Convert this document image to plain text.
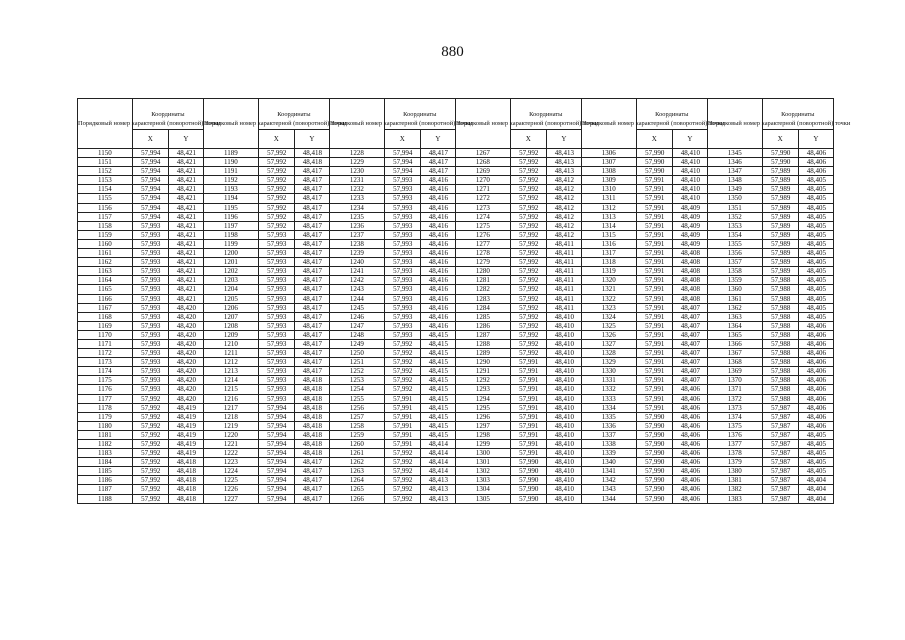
880
Порядковый номер характерной (поворотной) точки	Координаты		Порядковый номер характерной (поворотной) точки	Координаты		Порядковый номер характерной (поворотной) точки	Координаты		Порядковый номер характерной (поворотной) точки	Координаты		Порядковый номер характерной (поворотной) точки	Координаты		Порядковый номер характерной (поворотной) точки	Координаты	
	X	Y		X	Y		X	Y		X	Y		X	Y		X	Y
1150	57,994	48,421	1189	57,992	48,418	1228	57,994	48,417	1267	57,992	48,413	1306	57,990	48,410	1345	57,990	48,406
1151	57,994	48,421	1190	57,992	48,418	1229	57,994	48,417	1268	57,992	48,413	1307	57,990	48,410	1346	57,990	48,406
1152	57,994	48,421	1191	57,992	48,417	1230	57,994	48,417	1269	57,992	48,413	1308	57,990	48,410	1347	57,989	48,406
1153	57,994	48,421	1192	57,992	48,417	1231	57,993	48,416	1270	57,992	48,412	1309	57,991	48,410	1348	57,989	48,405
1154	57,994	48,421	1193	57,992	48,417	1232	57,993	48,416	1271	57,992	48,412	1310	57,991	48,410	1349	57,989	48,405
1155	57,994	48,421	1194	57,992	48,417	1233	57,993	48,416	1272	57,992	48,412	1311	57,991	48,410	1350	57,989	48,405
1156	57,994	48,421	1195	57,992	48,417	1234	57,993	48,416	1273	57,992	48,412	1312	57,991	48,409	1351	57,989	48,405
1157	57,994	48,421	1196	57,992	48,417	1235	57,993	48,416	1274	57,992	48,412	1313	57,991	48,409	1352	57,989	48,405
1158	57,993	48,421	1197	57,992	48,417	1236	57,993	48,416	1275	57,992	48,412	1314	57,991	48,409	1353	57,989	48,405
1159	57,993	48,421	1198	57,993	48,417	1237	57,993	48,416	1276	57,992	48,412	1315	57,991	48,409	1354	57,989	48,405
1160	57,993	48,421	1199	57,993	48,417	1238	57,993	48,416	1277	57,992	48,411	1316	57,991	48,409	1355	57,989	48,405
1161	57,993	48,421	1200	57,993	48,417	1239	57,993	48,416	1278	57,992	48,411	1317	57,991	48,408	1356	57,989	48,405
1162	57,993	48,421	1201	57,993	48,417	1240	57,993	48,416	1279	57,992	48,411	1318	57,991	48,408	1357	57,989	48,405
1163	57,993	48,421	1202	57,993	48,417	1241	57,993	48,416	1280	57,992	48,411	1319	57,991	48,408	1358	57,989	48,405
1164	57,993	48,421	1203	57,993	48,417	1242	57,993	48,416	1281	57,992	48,411	1320	57,991	48,408	1359	57,988	48,405
1165	57,993	48,421	1204	57,993	48,417	1243	57,993	48,416	1282	57,992	48,411	1321	57,991	48,408	1360	57,988	48,405
1166	57,993	48,421	1205	57,993	48,417	1244	57,993	48,416	1283	57,992	48,411	1322	57,991	48,408	1361	57,988	48,405
1167	57,993	48,420	1206	57,993	48,417	1245	57,993	48,416	1284	57,992	48,411	1323	57,991	48,407	1362	57,988	48,405
1168	57,993	48,420	1207	57,993	48,417	1246	57,993	48,416	1285	57,992	48,410	1324	57,991	48,407	1363	57,988	48,405
1169	57,993	48,420	1208	57,993	48,417	1247	57,993	48,416	1286	57,992	48,410	1325	57,991	48,407	1364	57,988	48,406
1170	57,993	48,420	1209	57,993	48,417	1248	57,993	48,415	1287	57,992	48,410	1326	57,991	48,407	1365	57,988	48,406
1171	57,993	48,420	1210	57,993	48,417	1249	57,992	48,415	1288	57,992	48,410	1327	57,991	48,407	1366	57,988	48,406
1172	57,993	48,420	1211	57,993	48,417	1250	57,992	48,415	1289	57,992	48,410	1328	57,991	48,407	1367	57,988	48,406
1173	57,993	48,420	1212	57,993	48,417	1251	57,992	48,415	1290	57,991	48,410	1329	57,991	48,407	1368	57,988	48,406
1174	57,993	48,420	1213	57,993	48,417	1252	57,992	48,415	1291	57,991	48,410	1330	57,991	48,407	1369	57,988	48,406
1175	57,993	48,420	1214	57,993	48,418	1253	57,992	48,415	1292	57,991	48,410	1331	57,991	48,407	1370	57,988	48,406
1176	57,993	48,420	1215	57,993	48,418	1254	57,992	48,415	1293	57,991	48,410	1332	57,991	48,406	1371	57,988	48,406
1177	57,992	48,420	1216	57,993	48,418	1255	57,991	48,415	1294	57,991	48,410	1333	57,991	48,406	1372	57,988	48,406
1178	57,992	48,419	1217	57,994	48,418	1256	57,991	48,415	1295	57,991	48,410	1334	57,991	48,406	1373	57,987	48,406
1179	57,992	48,419	1218	57,994	48,418	1257	57,991	48,415	1296	57,991	48,410	1335	57,990	48,406	1374	57,987	48,406
1180	57,992	48,419	1219	57,994	48,418	1258	57,991	48,415	1297	57,991	48,410	1336	57,990	48,406	1375	57,987	48,406
1181	57,992	48,419	1220	57,994	48,418	1259	57,991	48,415	1298	57,991	48,410	1337	57,990	48,406	1376	57,987	48,405
1182	57,992	48,419	1221	57,994	48,418	1260	57,991	48,414	1299	57,991	48,410	1338	57,990	48,406	1377	57,987	48,405
1183	57,992	48,419	1222	57,994	48,418	1261	57,992	48,414	1300	57,991	48,410	1339	57,990	48,406	1378	57,987	48,405
1184	57,992	48,418	1223	57,994	48,417	1262	57,992	48,414	1301	57,990	48,410	1340	57,990	48,406	1379	57,987	48,405
1185	57,992	48,418	1224	57,994	48,417	1263	57,992	48,414	1302	57,990	48,410	1341	57,990	48,406	1380	57,987	48,405
1186	57,992	48,418	1225	57,994	48,417	1264	57,992	48,413	1303	57,990	48,410	1342	57,990	48,406	1381	57,987	48,404
1187	57,992	48,418	1226	57,994	48,417	1265	57,992	48,413	1304	57,990	48,410	1343	57,990	48,406	1382	57,987	48,404
1188	57,992	48,418	1227	57,994	48,417	1266	57,992	48,413	1305	57,990	48,410	1344	57,990	48,406	1383	57,987	48,404
